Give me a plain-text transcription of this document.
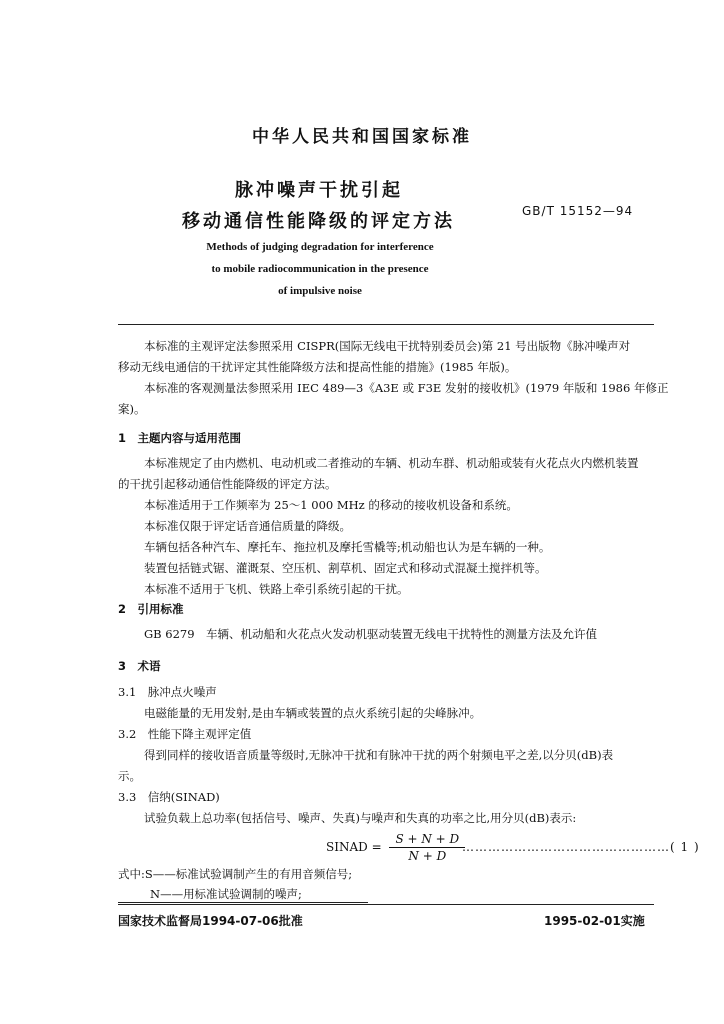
中华人民共和国国家标准
脉冲噪声干扰引起
移动通信性能降级的评定方法	GB/T 15152—94
Methods of judging degradation for interference
to mobile radiocommunication in the presence
of impulsive noise
本标准的主观评定法参照采用 CISPR(国际无线电干扰特别委员会)第 21 号出版物《脉冲噪声对
移动无线电通信的干扰评定其性能降级方法和提高性能的措施》(1985 年版)。
本标准的客观测量法参照采用 IEC 489—3《A3E 或 F3E 发射的接收机》(1979 年版和 1986 年修正
案)。
1　主题内容与适用范围
本标准规定了由内燃机、电动机或二者推动的车辆、机动车群、机动船或装有火花点火内燃机装置
的干扰引起移动通信性能降级的评定方法。
本标准适用于工作频率为 25～1 000 MHz 的移动的接收机设备和系统。
本标准仅限于评定话音通信质量的降级。
车辆包括各种汽车、摩托车、拖拉机及摩托雪橇等;机动船也认为是车辆的一种。
装置包括链式锯、灌溉泵、空压机、割草机、固定式和移动式混凝土搅拌机等。
本标准不适用于飞机、铁路上牵引系统引起的干扰。
2　引用标准
GB 6279　车辆、机动船和火花点火发动机驱动装置无线电干扰特性的测量方法及允许值
3　术语
3.1　脉冲点火噪声
电磁能量的无用发射,是由车辆或装置的点火系统引起的尖峰脉冲。
3.2　性能下降主观评定值
得到同样的接收语音质量等级时,无脉冲干扰和有脉冲干扰的两个射频电平之差,以分贝(dB)表
示。
3.3　信纳(SINAD)
试验负载上总功率(包括信号、噪声、失真)与噪声和失真的功率之比,用分贝(dB)表示:
SINAD = $\frac{S + N + D}{N + D}$
…………………………………………( 1 )
式中:S——标准试验调制产生的有用音频信号;
N——用标准试验调制的噪声;
国家技术监督局1994-07-06批准	1995-02-01实施
